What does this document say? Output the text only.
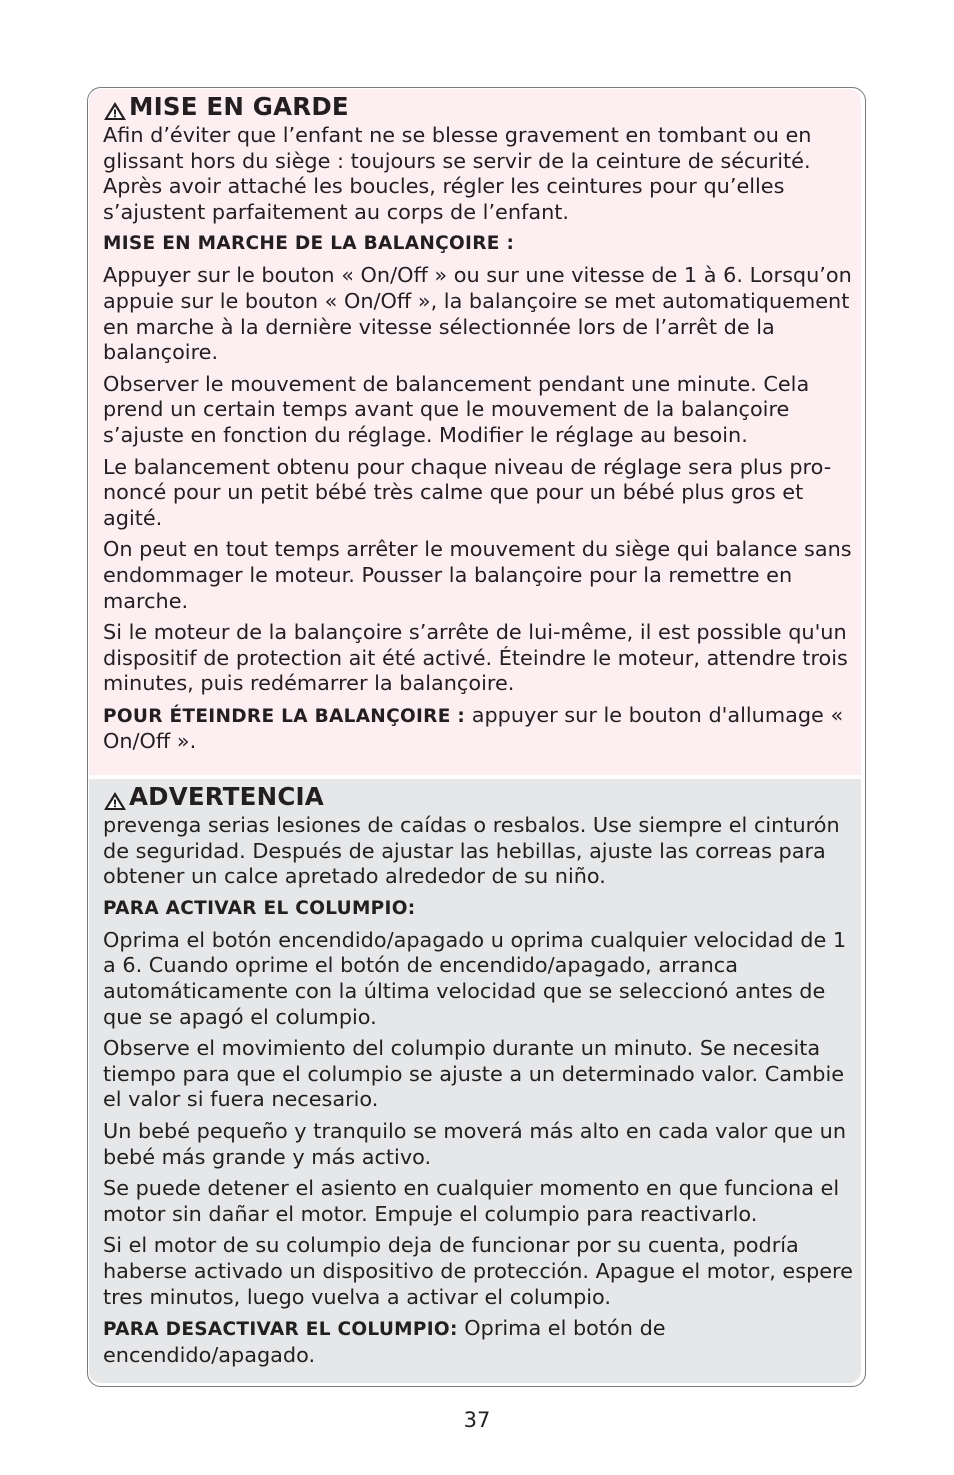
MISE EN GARDE

Afin d’éviter que l’enfant ne se blesse gravement en tombant ou en glissant hors du siège : toujours se servir de la ceinture de sécurité. Après avoir attaché les boucles, régler les ceintures pour qu’elles s’ajustent parfaitement au corps de l’enfant.

MISE EN MARCHE DE LA BALANÇOIRE :

Appuyer sur le bouton « On/Off » ou sur une vitesse de 1 à 6. Lorsqu’on appuie sur le bouton « On/Off », la balançoire se met automatiquement en marche à la dernière vitesse sélectionnée lors de l’arrêt de la balançoire.

Observer le mouvement de balancement pendant une minute. Cela prend un certain temps avant que le mouvement de la balançoire s’ajuste en fonction du réglage. Modifier le réglage au besoin.

Le balancement obtenu pour chaque niveau de réglage sera plus pro-noncé pour un petit bébé très calme que pour un bébé plus gros et agité.

On peut en tout temps arrêter le mouvement du siège qui balance sans endommager le moteur. Pousser la balançoire pour la remettre en marche.

Si le moteur de la balançoire s’arrête de lui-même, il est possible qu'un dispositif de protection ait été activé. Éteindre le moteur, attendre trois minutes, puis redémarrer la balançoire.

POUR ÉTEINDRE LA BALANÇOIRE : appuyer sur le bouton d'allumage « On/Off ».

ADVERTENCIA

prevenga serias lesiones de caídas o resbalos. Use siempre el cinturón de seguridad. Después de ajustar las hebillas, ajuste las correas para obtener un calce apretado alrededor de su niño.

PARA ACTIVAR EL COLUMPIO:

Oprima el botón encendido/apagado u oprima cualquier velocidad de 1 a 6. Cuando oprime el botón de encendido/apagado, arranca automáticamente con la última velocidad que se seleccionó antes de que se apagó el columpio.

Observe el movimiento del columpio durante un minuto. Se necesita tiempo para que el columpio se ajuste a un determinado valor. Cambie el valor si fuera necesario.

Un bebé pequeño y tranquilo se moverá más alto en cada valor que un bebé más grande y más activo.

Se puede detener el asiento en cualquier momento en que funciona el motor sin dañar el motor. Empuje el columpio para reactivarlo.

Si el motor de su columpio deja de funcionar por su cuenta, podría haberse activado un dispositivo de protección. Apague el motor, espere tres minutos, luego vuelva a activar el columpio.

PARA DESACTIVAR EL COLUMPIO: Oprima el botón de encendido/apagado.

37
